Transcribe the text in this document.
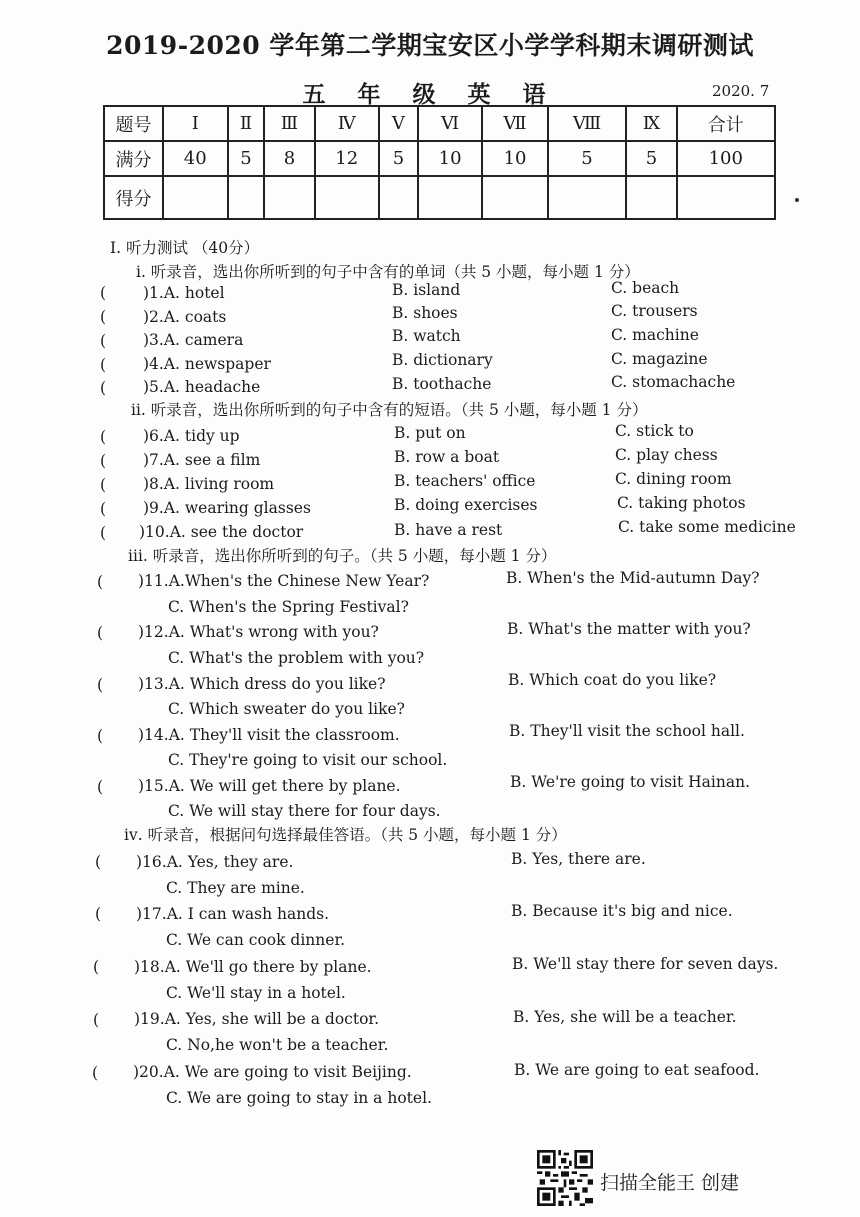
2019-2020 学年第二学期宝安区小学学科期末调研测试
五 年 级 英 语	2020. 7
题号	Ⅰ	Ⅱ	Ⅲ	Ⅳ	Ⅴ	Ⅵ	Ⅶ	Ⅷ	Ⅸ	合计
满分	40	5	8	12	5	10	10	5	5	100
得分										
Ⅰ. 听力测试 （40分）
ⅰ. 听录音，选出你所听到的句子中含有的单词（共 5 小题，每小题 1 分）
( )1.A. hotel	B. island	C. beach
( )2.A. coats	B. shoes	C. trousers
( )3.A. camera	B. watch	C. machine
( )4.A. newspaper	B. dictionary	C. magazine
( )5.A. headache	B. toothache	C. stomachache
ⅱ. 听录音，选出你所听到的句子中含有的短语。（共 5 小题，每小题 1 分）
( )6.A. tidy up	B. put on	C. stick to
( )7.A. see a film	B. row a boat	C. play chess
( )8.A. living room	B. teachers' office	C. dining room
( )9.A. wearing glasses	B. doing exercises	C. taking photos
( )10.A. see the doctor	B. have a rest	C. take some medicine
ⅲ. 听录音，选出你所听到的句子。（共 5 小题，每小题 1 分）
( )11.A.When's the Chinese New Year?	B. When's the Mid-autumn Day?
C. When's the Spring Festival?
( )12.A. What's wrong with you?	B. What's the matter with you?
C. What's the problem with you?
( )13.A. Which dress do you like?	B. Which coat do you like?
C. Which sweater do you like?
( )14.A. They'll visit the classroom.	B. They'll visit the school hall.
C. They're going to visit our school.
( )15.A. We will get there by plane.	B. We're going to visit Hainan.
C. We will stay there for four days.
ⅳ. 听录音，根据问句选择最佳答语。（共 5 小题，每小题 1 分）
( )16.A. Yes, they are.	B. Yes, there are.
C. They are mine.
( )17.A. I can wash hands.	B. Because it's big and nice.
C. We can cook dinner.
( )18.A. We'll go there by plane.	B. We'll stay there for seven days.
C. We'll stay in a hotel.
( )19.A. Yes, she will be a doctor.	B. Yes, she will be a teacher.
C. No,he won't be a teacher.
( )20.A. We are going to visit Beijing.	B. We are going to eat seafood.
C. We are going to stay in a hotel.
扫描全能王 创建
